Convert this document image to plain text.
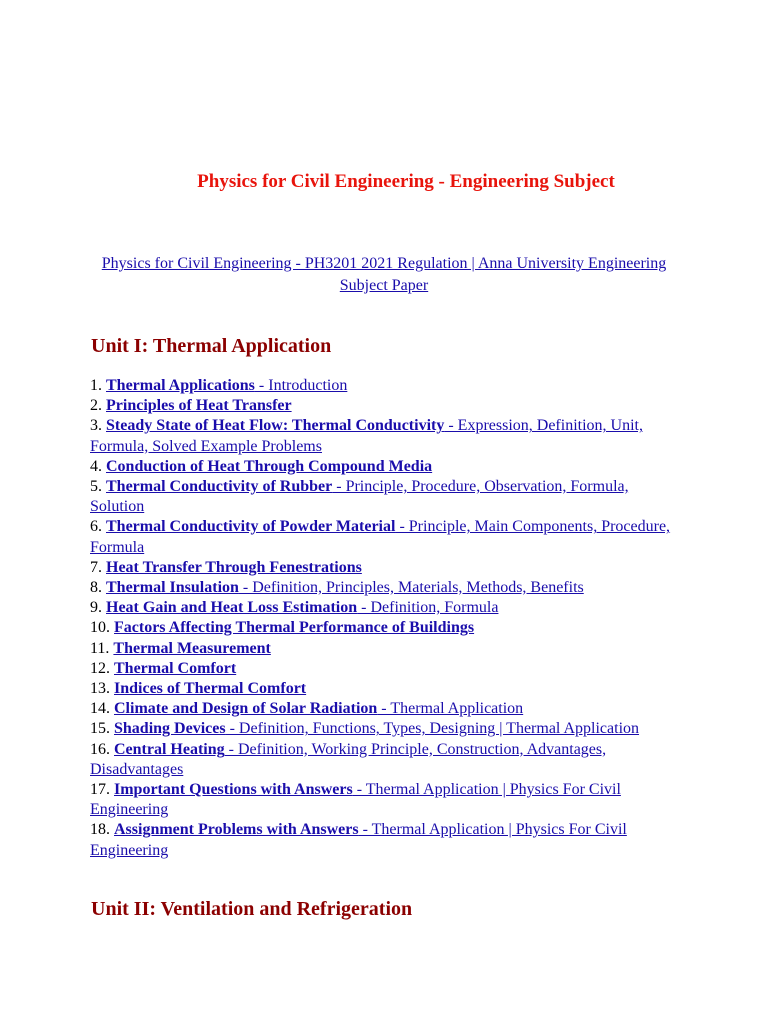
Physics for Civil Engineering - Engineering Subject

Physics for Civil Engineering - PH3201 2021 Regulation | Anna University Engineering Subject Paper

Unit I: Thermal Application
1. Thermal Applications - Introduction
2. Principles of Heat Transfer
3. Steady State of Heat Flow: Thermal Conductivity - Expression, Definition, Unit, Formula, Solved Example Problems
4. Conduction of Heat Through Compound Media
5. Thermal Conductivity of Rubber - Principle, Procedure, Observation, Formula, Solution
6. Thermal Conductivity of Powder Material - Principle, Main Components, Procedure, Formula
7. Heat Transfer Through Fenestrations
8. Thermal Insulation - Definition, Principles, Materials, Methods, Benefits
9. Heat Gain and Heat Loss Estimation - Definition, Formula
10. Factors Affecting Thermal Performance of Buildings
11. Thermal Measurement
12. Thermal Comfort
13. Indices of Thermal Comfort
14. Climate and Design of Solar Radiation - Thermal Application
15. Shading Devices - Definition, Functions, Types, Designing | Thermal Application
16. Central Heating - Definition, Working Principle, Construction, Advantages, Disadvantages
17. Important Questions with Answers - Thermal Application | Physics For Civil Engineering
18. Assignment Problems with Answers - Thermal Application | Physics For Civil Engineering
Unit II: Ventilation and Refrigeration
